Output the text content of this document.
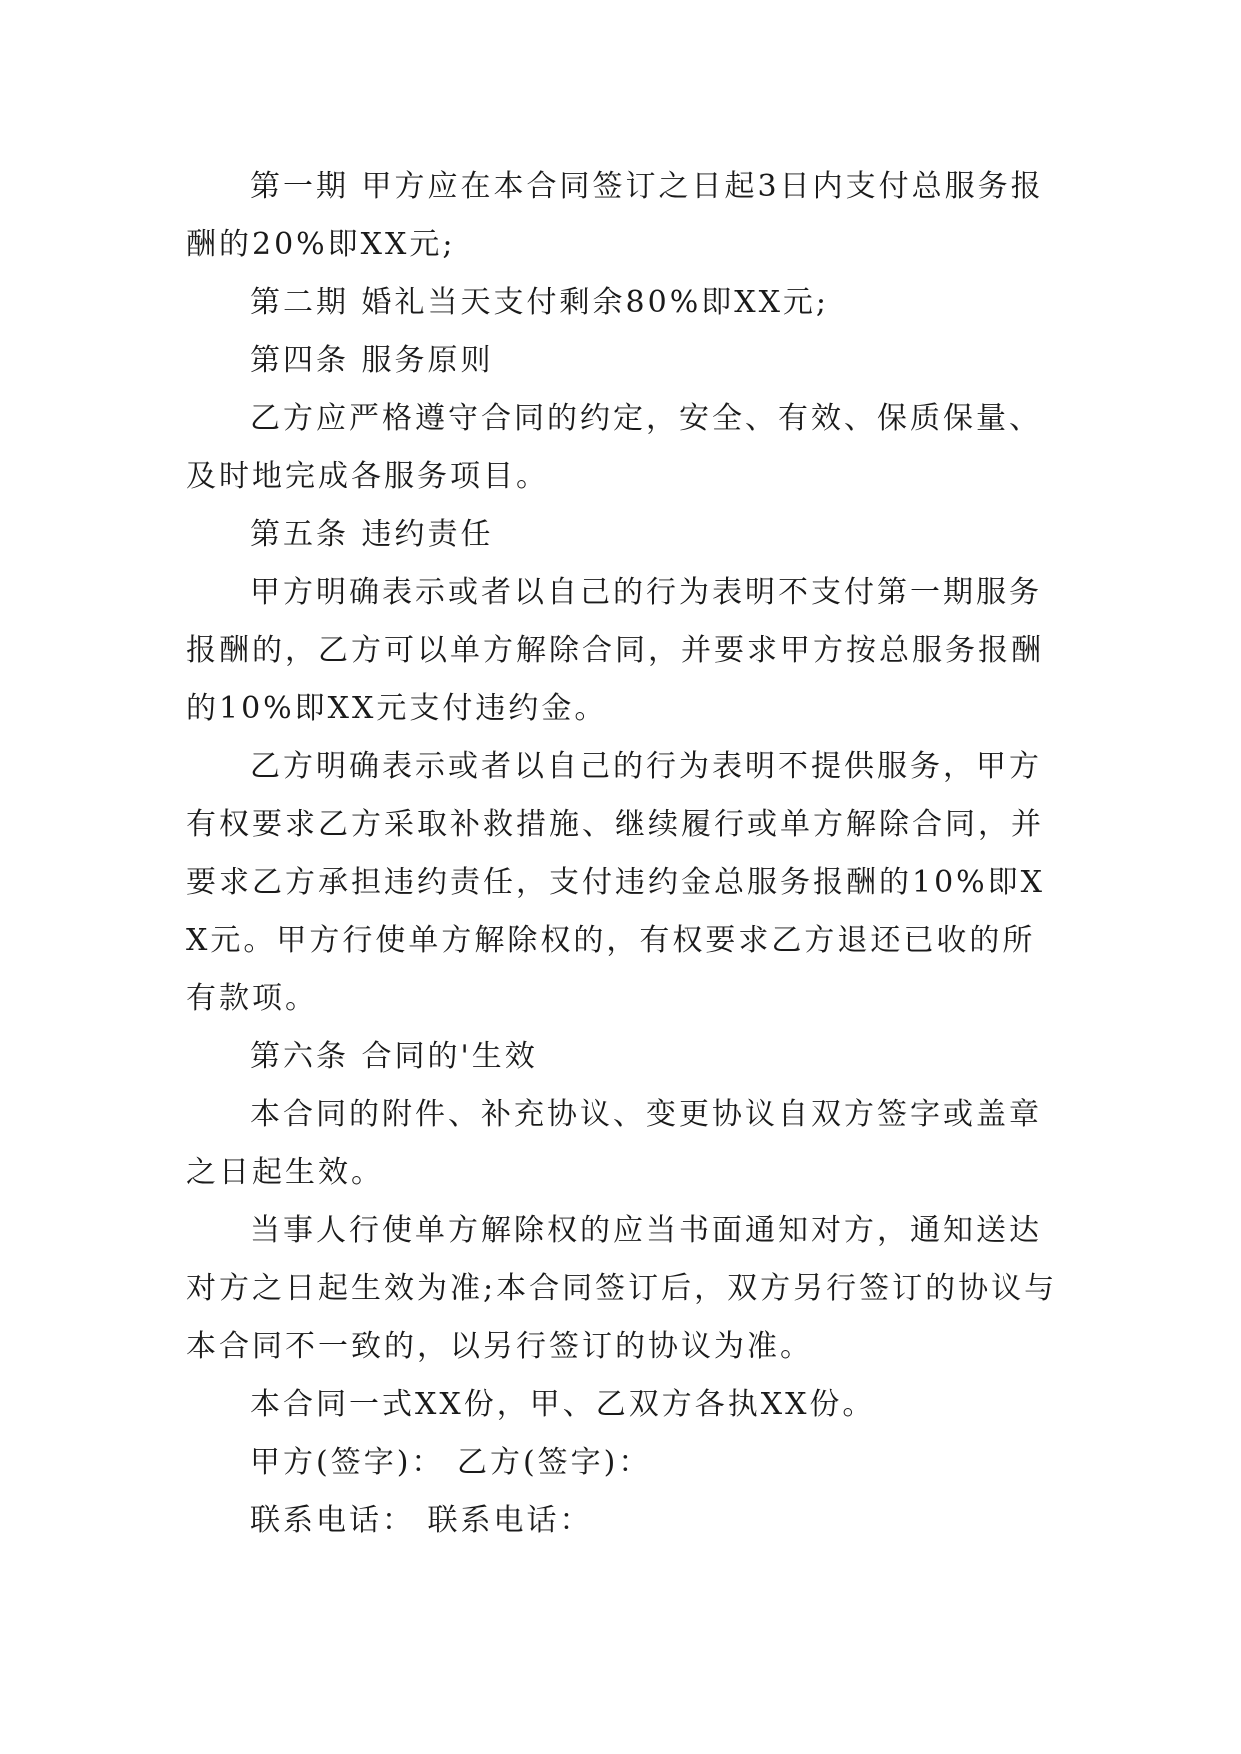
第一期 甲方应在本合同签订之日起3日内支付总服务报酬的20%即XX元;

第二期 婚礼当天支付剩余80%即XX元;

第四条 服务原则

乙方应严格遵守合同的约定，安全、有效、保质保量、及时地完成各服务项目。

第五条 违约责任

甲方明确表示或者以自己的行为表明不支付第一期服务报酬的，乙方可以单方解除合同，并要求甲方按总服务报酬的10%即XX元支付违约金。

乙方明确表示或者以自己的行为表明不提供服务，甲方有权要求乙方采取补救措施、继续履行或单方解除合同，并要求乙方承担违约责任，支付违约金总服务报酬的10%即XX元。甲方行使单方解除权的，有权要求乙方退还已收的所有款项。

第六条 合同的'生效

本合同的附件、补充协议、变更协议自双方签字或盖章之日起生效。

当事人行使单方解除权的应当书面通知对方，通知送达对方之日起生效为准;本合同签订后，双方另行签订的协议与本合同不一致的，以另行签订的协议为准。

本合同一式XX份，甲、乙双方各执XX份。

甲方(签字)： 乙方(签字)：

联系电话： 联系电话：
